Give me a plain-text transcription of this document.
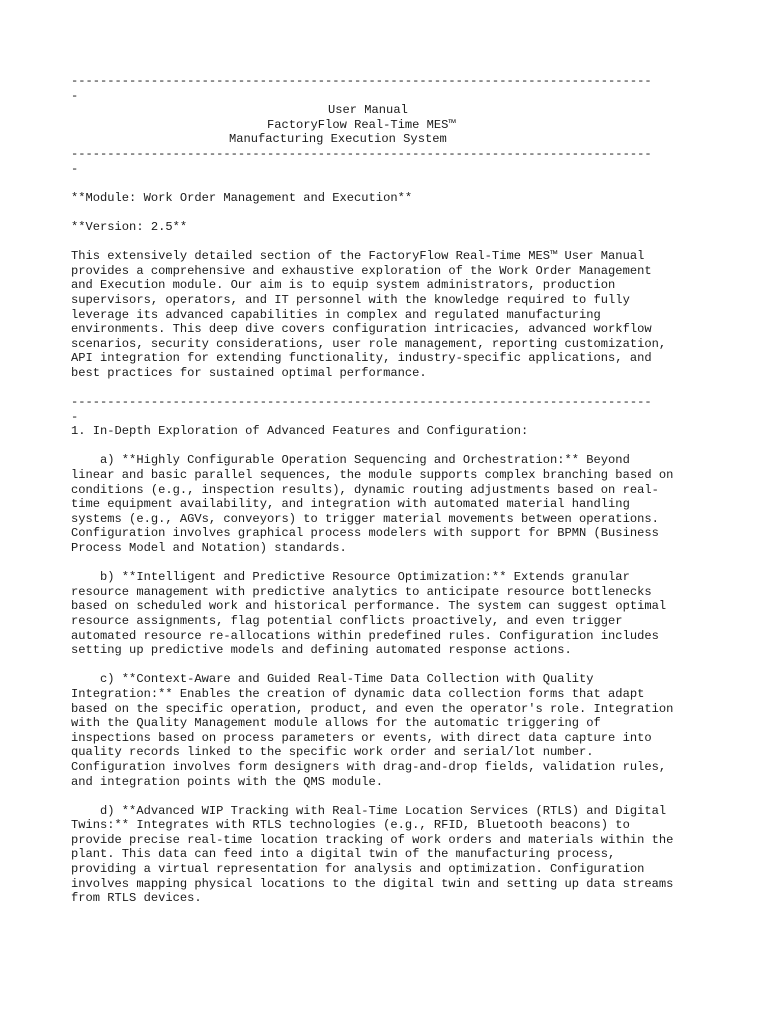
--------------------------------------------------------------------------------
-
User Manual
FactoryFlow Real-Time MES™
Manufacturing Execution System
--------------------------------------------------------------------------------
-
**Module: Work Order Management and Execution**
**Version: 2.5**
This extensively detailed section of the FactoryFlow Real-Time MES™ User Manual
provides a comprehensive and exhaustive exploration of the Work Order Management
and Execution module. Our aim is to equip system administrators, production
supervisors, operators, and IT personnel with the knowledge required to fully
leverage its advanced capabilities in complex and regulated manufacturing
environments. This deep dive covers configuration intricacies, advanced workflow
scenarios, security considerations, user role management, reporting customization,
API integration for extending functionality, industry-specific applications, and
best practices for sustained optimal performance.
--------------------------------------------------------------------------------
-
1. In-Depth Exploration of Advanced Features and Configuration:
a) **Highly Configurable Operation Sequencing and Orchestration:** Beyond
linear and basic parallel sequences, the module supports complex branching based on
conditions (e.g., inspection results), dynamic routing adjustments based on real-
time equipment availability, and integration with automated material handling
systems (e.g., AGVs, conveyors) to trigger material movements between operations.
Configuration involves graphical process modelers with support for BPMN (Business
Process Model and Notation) standards.
b) **Intelligent and Predictive Resource Optimization:** Extends granular
resource management with predictive analytics to anticipate resource bottlenecks
based on scheduled work and historical performance. The system can suggest optimal
resource assignments, flag potential conflicts proactively, and even trigger
automated resource re-allocations within predefined rules. Configuration includes
setting up predictive models and defining automated response actions.
c) **Context-Aware and Guided Real-Time Data Collection with Quality
Integration:** Enables the creation of dynamic data collection forms that adapt
based on the specific operation, product, and even the operator's role. Integration
with the Quality Management module allows for the automatic triggering of
inspections based on process parameters or events, with direct data capture into
quality records linked to the specific work order and serial/lot number.
Configuration involves form designers with drag-and-drop fields, validation rules,
and integration points with the QMS module.
d) **Advanced WIP Tracking with Real-Time Location Services (RTLS) and Digital
Twins:** Integrates with RTLS technologies (e.g., RFID, Bluetooth beacons) to
provide precise real-time location tracking of work orders and materials within the
plant. This data can feed into a digital twin of the manufacturing process,
providing a virtual representation for analysis and optimization. Configuration
involves mapping physical locations to the digital twin and setting up data streams
from RTLS devices.
